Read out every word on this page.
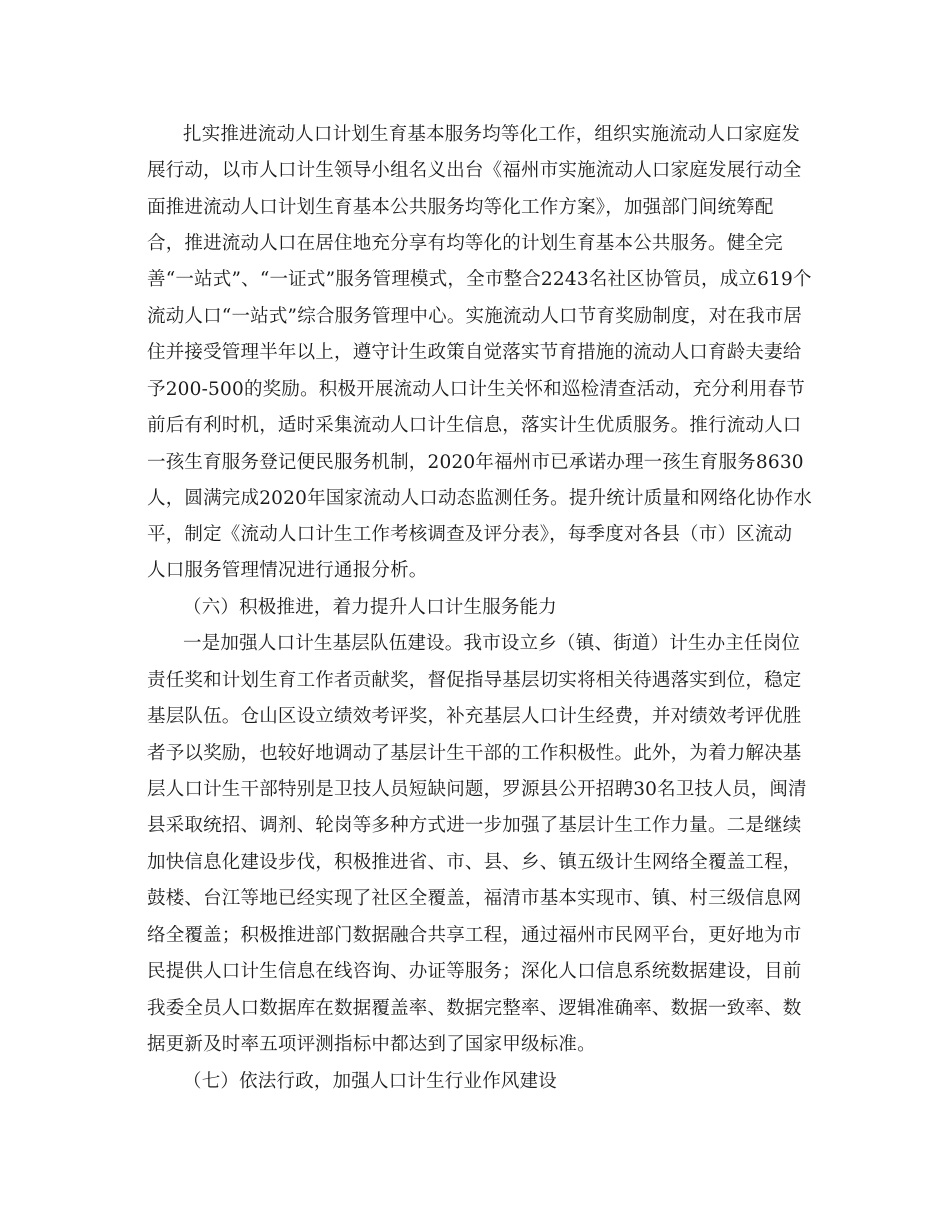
扎实推进流动人口计划生育基本服务均等化工作，组织实施流动人口家庭发
展行动，以市人口计生领导小组名义出台《福州市实施流动人口家庭发展行动全
面推进流动人口计划生育基本公共服务均等化工作方案》，加强部门间统筹配
合，推进流动人口在居住地充分享有均等化的计划生育基本公共服务。健全完
善“一站式”、“一证式”服务管理模式，全市整合2243名社区协管员，成立619个
流动人口“一站式”综合服务管理中心。实施流动人口节育奖励制度，对在我市居
住并接受管理半年以上，遵守计生政策自觉落实节育措施的流动人口育龄夫妻给
予200-500的奖励。积极开展流动人口计生关怀和巡检清查活动，充分利用春节
前后有利时机，适时采集流动人口计生信息，落实计生优质服务。推行流动人口
一孩生育服务登记便民服务机制，2020年福州市已承诺办理一孩生育服务8630
人，圆满完成2020年国家流动人口动态监测任务。提升统计质量和网络化协作水
平，制定《流动人口计生工作考核调查及评分表》，每季度对各县（市）区流动
人口服务管理情况进行通报分析。
（六）积极推进，着力提升人口计生服务能力
一是加强人口计生基层队伍建设。我市设立乡（镇、街道）计生办主任岗位
责任奖和计划生育工作者贡献奖，督促指导基层切实将相关待遇落实到位，稳定
基层队伍。仓山区设立绩效考评奖，补充基层人口计生经费，并对绩效考评优胜
者予以奖励，也较好地调动了基层计生干部的工作积极性。此外，为着力解决基
层人口计生干部特别是卫技人员短缺问题，罗源县公开招聘30名卫技人员，闽清
县采取统招、调剂、轮岗等多种方式进一步加强了基层计生工作力量。二是继续
加快信息化建设步伐，积极推进省、市、县、乡、镇五级计生网络全覆盖工程，
鼓楼、台江等地已经实现了社区全覆盖，福清市基本实现市、镇、村三级信息网
络全覆盖；积极推进部门数据融合共享工程，通过福州市民网平台，更好地为市
民提供人口计生信息在线咨询、办证等服务；深化人口信息系统数据建设，目前
我委全员人口数据库在数据覆盖率、数据完整率、逻辑准确率、数据一致率、数
据更新及时率五项评测指标中都达到了国家甲级标准。
（七）依法行政，加强人口计生行业作风建设
